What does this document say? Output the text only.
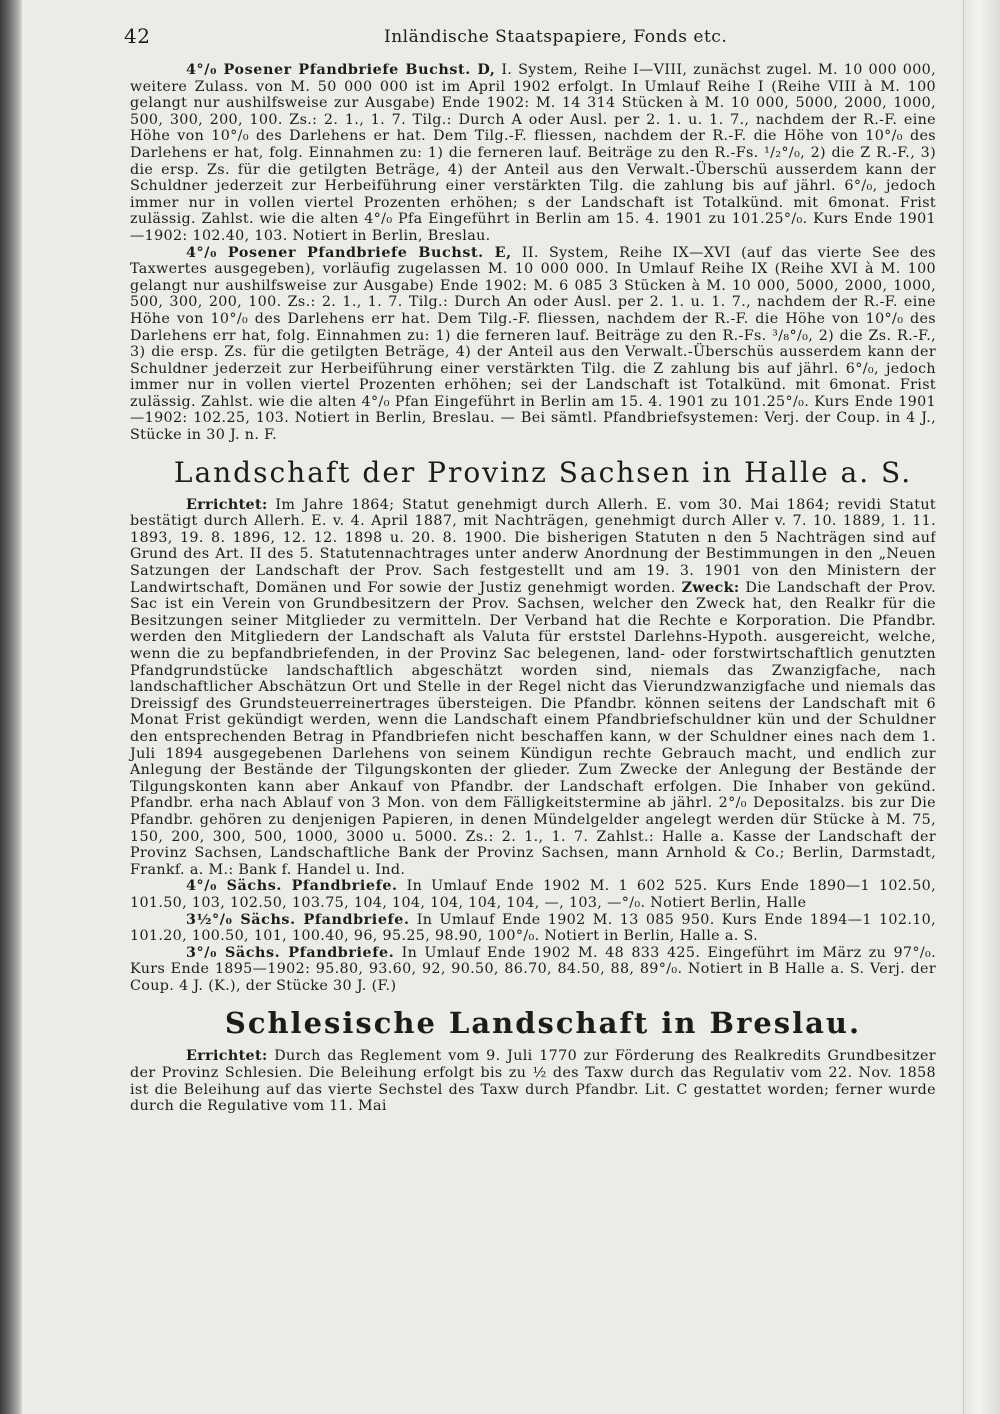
42	Inländische Staatspapiere, Fonds etc.

4°/₀ Posener Pfandbriefe Buchst. D, I. System, Reihe I—VIII, zunächst zugel. M. 10 000 000, weitere Zulass. von M. 50 000 000 ist im April 1902 erfolgt. In Umlauf Reihe I (Reihe VIII à M. 100 gelangt nur aushilfsweise zur Ausgabe) Ende 1902: M. 14 314 Stücken à M. 10 000, 5000, 2000, 1000, 500, 300, 200, 100. Zs.: 2. 1., 1. 7. Tilg.: Durch A oder Ausl. per 2. 1. u. 1. 7., nachdem der R.-F. eine Höhe von 10°/₀ des Darlehens er hat. Dem Tilg.-F. fliessen, nachdem der R.-F. die Höhe von 10°/₀ des Darlehens er hat, folg. Einnahmen zu: 1) die ferneren lauf. Beiträge zu den R.-Fs. ¹/₂°/₀, 2) die Z R.-F., 3) die ersp. Zs. für die getilgten Beträge, 4) der Anteil aus den Verwalt.-Überschü ausserdem kann der Schuldner jederzeit zur Herbeiführung einer verstärkten Tilg. die zahlung bis auf jährl. 6°/₀, jedoch immer nur in vollen viertel Prozenten erhöhen; s der Landschaft ist Totalkünd. mit 6monat. Frist zulässig. Zahlst. wie die alten 4°/₀ Pfa Eingeführt in Berlin am 15. 4. 1901 zu 101.25°/₀. Kurs Ende 1901—1902: 102.40, 103. Notiert in Berlin, Breslau.

4°/₀ Posener Pfandbriefe Buchst. E, II. System, Reihe IX—XVI (auf das vierte See des Taxwertes ausgegeben), vorläufig zugelassen M. 10 000 000. In Umlauf Reihe IX (Reihe XVI à M. 100 gelangt nur aushilfsweise zur Ausgabe) Ende 1902: M. 6 085 3 Stücken à M. 10 000, 5000, 2000, 1000, 500, 300, 200, 100. Zs.: 2. 1., 1. 7. Tilg.: Durch An oder Ausl. per 2. 1. u. 1. 7., nachdem der R.-F. eine Höhe von 10°/₀ des Darlehens err hat. Dem Tilg.-F. fliessen, nachdem der R.-F. die Höhe von 10°/₀ des Darlehens err hat, folg. Einnahmen zu: 1) die ferneren lauf. Beiträge zu den R.-Fs. ³/₈°/₀, 2) die Zs. R.-F., 3) die ersp. Zs. für die getilgten Beträge, 4) der Anteil aus den Verwalt.-Überschüs ausserdem kann der Schuldner jederzeit zur Herbeiführung einer verstärkten Tilg. die Z zahlung bis auf jährl. 6°/₀, jedoch immer nur in vollen viertel Prozenten erhöhen; sei der Landschaft ist Totalkünd. mit 6monat. Frist zulässig. Zahlst. wie die alten 4°/₀ Pfan Eingeführt in Berlin am 15. 4. 1901 zu 101.25°/₀. Kurs Ende 1901—1902: 102.25, 103. Notiert in Berlin, Breslau. — Bei sämtl. Pfandbriefsystemen: Verj. der Coup. in 4 J., Stücke in 30 J. n. F.

Landschaft der Provinz Sachsen in Halle a. S.

Errichtet: Im Jahre 1864; Statut genehmigt durch Allerh. E. vom 30. Mai 1864; revidi Statut bestätigt durch Allerh. E. v. 4. April 1887, mit Nachträgen, genehmigt durch Aller v. 7. 10. 1889, 1. 11. 1893, 19. 8. 1896, 12. 12. 1898 u. 20. 8. 1900. Die bisherigen Statuten n den 5 Nachträgen sind auf Grund des Art. II des 5. Statutennachtrages unter anderw Anordnung der Bestimmungen in den „Neuen Satzungen der Landschaft der Prov. Sach festgestellt und am 19. 3. 1901 von den Ministern der Landwirtschaft, Domänen und For sowie der Justiz genehmigt worden. Zweck: Die Landschaft der Prov. Sac ist ein Verein von Grundbesitzern der Prov. Sachsen, welcher den Zweck hat, den Realkr für die Besitzungen seiner Mitglieder zu vermitteln. Der Verband hat die Rechte e Korporation. Die Pfandbr. werden den Mitgliedern der Landschaft als Valuta für erststel Darlehns-Hypoth. ausgereicht, welche, wenn die zu bepfandbriefenden, in der Provinz Sac belegenen, land- oder forstwirtschaftlich genutzten Pfandgrundstücke landschaftlich abgeschätzt worden sind, niemals das Zwanzigfache, nach landschaftlicher Abschätzun Ort und Stelle in der Regel nicht das Vierundzwanzigfache und niemals das Dreissigf des Grundsteuerreinertrages übersteigen. Die Pfandbr. können seitens der Landschaft mit 6 Monat Frist gekündigt werden, wenn die Landschaft einem Pfandbriefschuldner kün und der Schuldner den entsprechenden Betrag in Pfandbriefen nicht beschaffen kann, w der Schuldner eines nach dem 1. Juli 1894 ausgegebenen Darlehens von seinem Kündigun rechte Gebrauch macht, und endlich zur Anlegung der Bestände der Tilgungskonten der glieder. Zum Zwecke der Anlegung der Bestände der Tilgungskonten kann aber Ankauf von Pfandbr. der Landschaft erfolgen. Die Inhaber von gekünd. Pfandbr. erha nach Ablauf von 3 Mon. von dem Fälligkeitstermine ab jährl. 2°/₀ Depositalzs. bis zur Die Pfandbr. gehören zu denjenigen Papieren, in denen Mündelgelder angelegt werden dür Stücke à M. 75, 150, 200, 300, 500, 1000, 3000 u. 5000. Zs.: 2. 1., 1. 7. Zahlst.: Halle a. Kasse der Landschaft der Provinz Sachsen, Landschaftliche Bank der Provinz Sachsen, mann Arnhold & Co.; Berlin, Darmstadt, Frankf. a. M.: Bank f. Handel u. Ind.

4°/₀ Sächs. Pfandbriefe. In Umlauf Ende 1902 M. 1 602 525. Kurs Ende 1890—1 102.50, 101.50, 103, 102.50, 103.75, 104, 104, 104, 104, 104, —, 103, —°/₀. Notiert Berlin, Halle

3½°/₀ Sächs. Pfandbriefe. In Umlauf Ende 1902 M. 13 085 950. Kurs Ende 1894—1 102.10, 101.20, 100.50, 101, 100.40, 96, 95.25, 98.90, 100°/₀. Notiert in Berlin, Halle a. S.

3°/₀ Sächs. Pfandbriefe. In Umlauf Ende 1902 M. 48 833 425. Eingeführt im März zu 97°/₀. Kurs Ende 1895—1902: 95.80, 93.60, 92, 90.50, 86.70, 84.50, 88, 89°/₀. Notiert in B Halle a. S. Verj. der Coup. 4 J. (K.), der Stücke 30 J. (F.)

Schlesische Landschaft in Breslau.

Errichtet: Durch das Reglement vom 9. Juli 1770 zur Förderung des Realkredits Grundbesitzer der Provinz Schlesien. Die Beleihung erfolgt bis zu ½ des Taxw durch das Regulativ vom 22. Nov. 1858 ist die Beleihung auf das vierte Sechstel des Taxw durch Pfandbr. Lit. C gestattet worden; ferner wurde durch die Regulative vom 11. Mai
